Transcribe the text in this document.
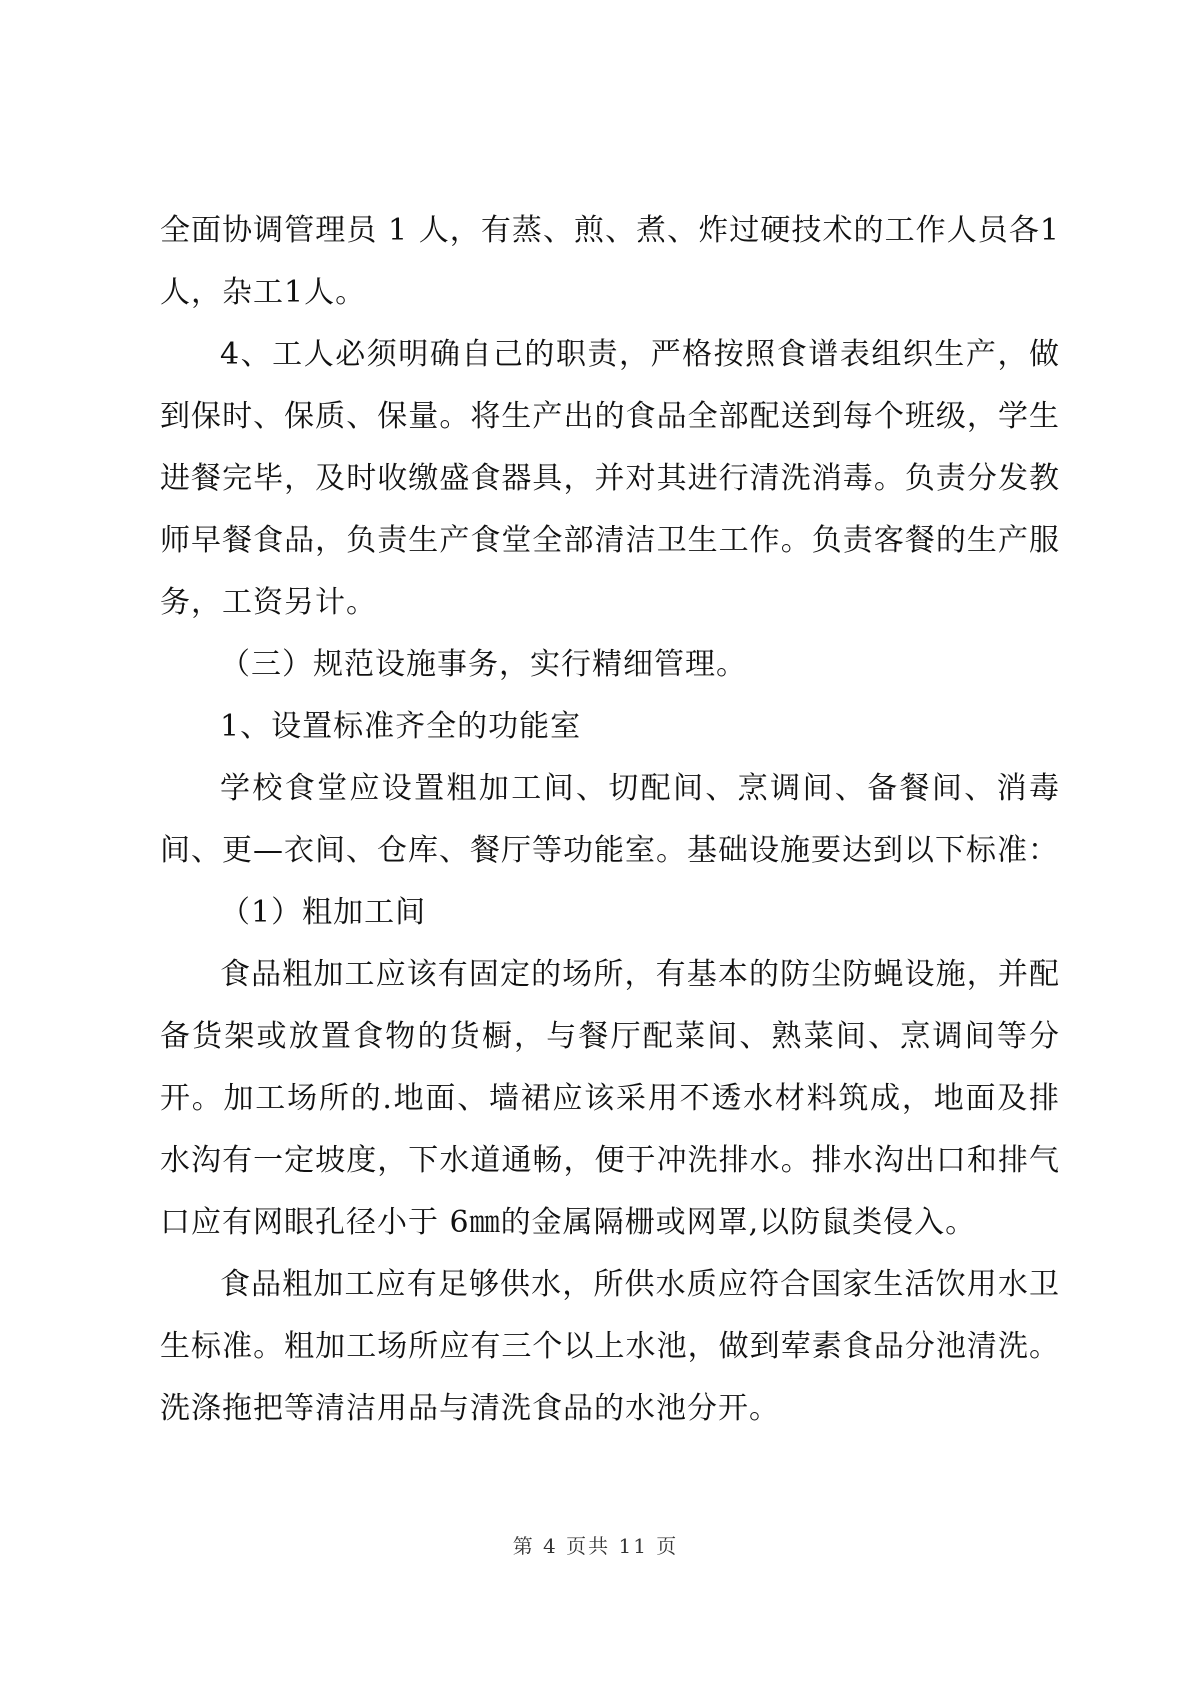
全面协调管理员 1 人，有蒸、煎、煮、炸过硬技术的工作人员各1人，杂工1人。

4、工人必须明确自己的职责，严格按照食谱表组织生产，做到保时、保质、保量。将生产出的食品全部配送到每个班级，学生进餐完毕，及时收缴盛食器具，并对其进行清洗消毒。负责分发教师早餐食品，负责生产食堂全部清洁卫生工作。负责客餐的生产服务，工资另计。

（三）规范设施事务，实行精细管理。

1、设置标准齐全的功能室

学校食堂应设置粗加工间、切配间、烹调间、备餐间、消毒间、更—衣间、仓库、餐厅等功能室。基础设施要达到以下标准：

（1）粗加工间

食品粗加工应该有固定的场所，有基本的防尘防蝇设施，并配备货架或放置食物的货橱，与餐厅配菜间、熟菜间、烹调间等分开。加工场所的.地面、墙裙应该采用不透水材料筑成，地面及排水沟有一定坡度，下水道通畅，便于冲洗排水。排水沟出口和排气口应有网眼孔径小于 6㎜的金属隔栅或网罩,以防鼠类侵入。

食品粗加工应有足够供水，所供水质应符合国家生活饮用水卫生标准。粗加工场所应有三个以上水池，做到荤素食品分池清洗。洗涤拖把等清洁用品与清洗食品的水池分开。

第 4 页共 11 页
